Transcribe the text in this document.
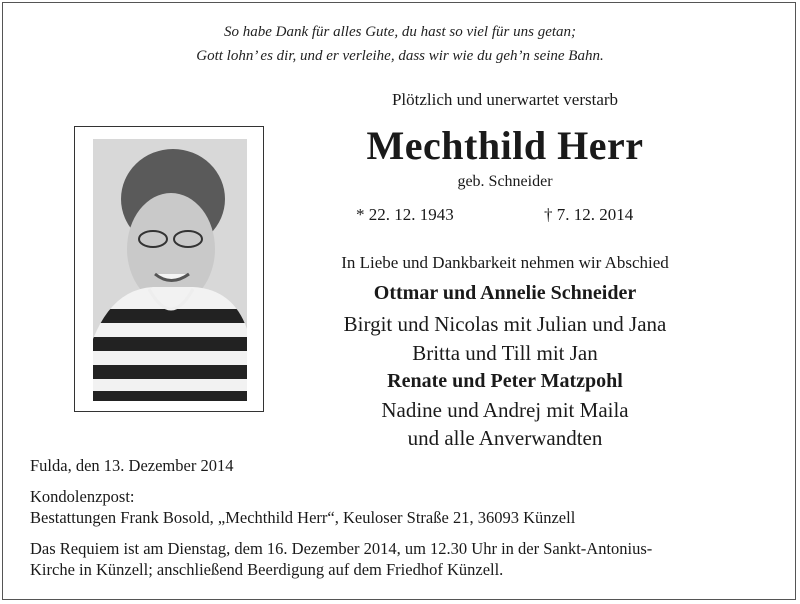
So habe Dank für alles Gute, du hast so viel für uns getan;
Gott lohn’ es dir, und er verleihe, dass wir wie du geh’n seine Bahn.
Plötzlich und unerwartet verstarb
Mechthild Herr
geb. Schneider
* 22. 12. 1943	† 7. 12. 2014
In Liebe und Dankbarkeit nehmen wir Abschied
Ottmar und Annelie Schneider
Birgit und Nicolas mit Julian und Jana
Britta und Till mit Jan
Renate und Peter Matzpohl
Nadine und Andrej mit Maila
und alle Anverwandten
Fulda, den 13. Dezember 2014
Kondolenzpost:
Bestattungen Frank Bosold, „Mechthild Herr“, Keuloser Straße 21, 36093 Künzell
Das Requiem ist am Dienstag, dem 16. Dezember 2014, um 12.30 Uhr in der Sankt-Antonius-
Kirche in Künzell; anschließend Beerdigung auf dem Friedhof Künzell.
